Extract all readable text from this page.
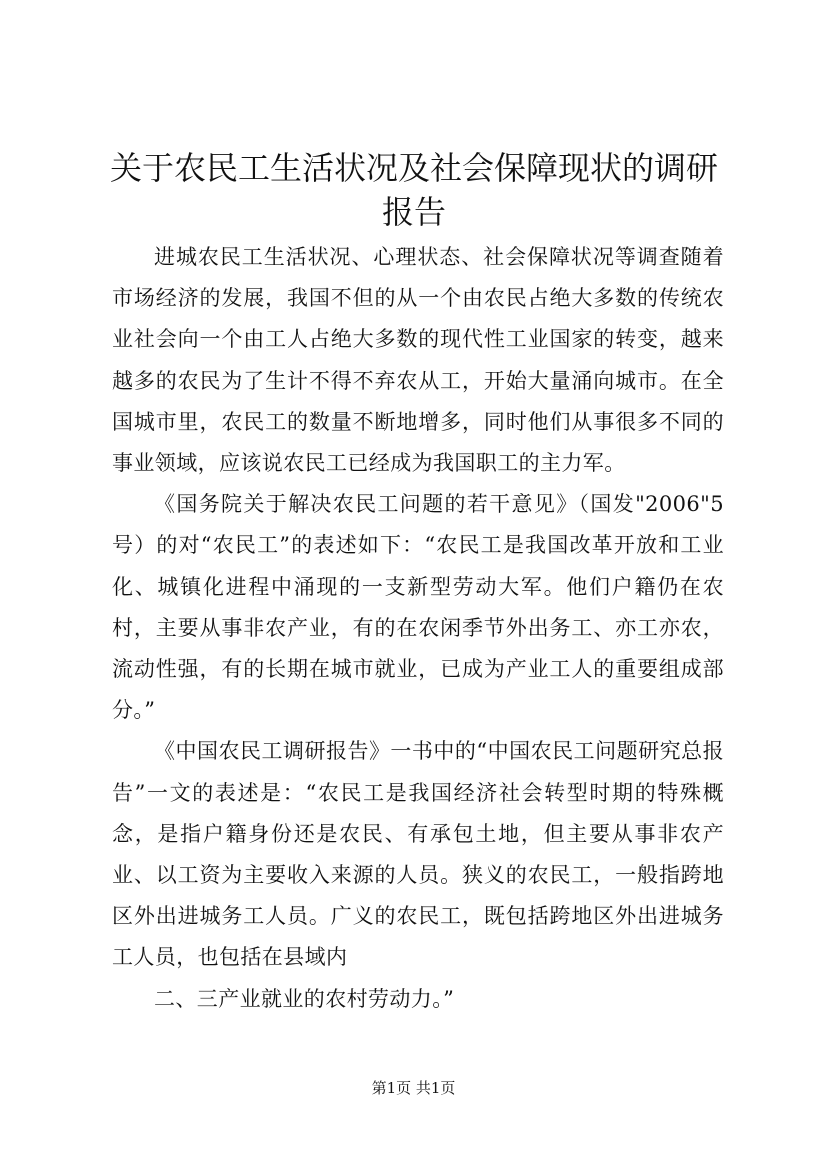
关于农民工生活状况及社会保障现状的调研报告

进城农民工生活状况、心理状态、社会保障状况等调查随着市场经济的发展，我国不但的从一个由农民占绝大多数的传统农业社会向一个由工人占绝大多数的现代性工业国家的转变，越来越多的农民为了生计不得不弃农从工，开始大量涌向城市。在全国城市里，农民工的数量不断地增多，同时他们从事很多不同的事业领域，应该说农民工已经成为我国职工的主力军。

《国务院关于解决农民工问题的若干意见》（国发"2006"5号）的对“农民工”的表述如下：“农民工是我国改革开放和工业化、城镇化进程中涌现的一支新型劳动大军。他们户籍仍在农村，主要从事非农产业，有的在农闲季节外出务工、亦工亦农，流动性强，有的长期在城市就业，已成为产业工人的重要组成部分。”

《中国农民工调研报告》一书中的“中国农民工问题研究总报告”一文的表述是：“农民工是我国经济社会转型时期的特殊概念，是指户籍身份还是农民、有承包土地，但主要从事非农产业、以工资为主要收入来源的人员。狭义的农民工，一般指跨地区外出进城务工人员。广义的农民工，既包括跨地区外出进城务工人员，也包括在县域内

二、三产业就业的农村劳动力。”

第1页 共1页
